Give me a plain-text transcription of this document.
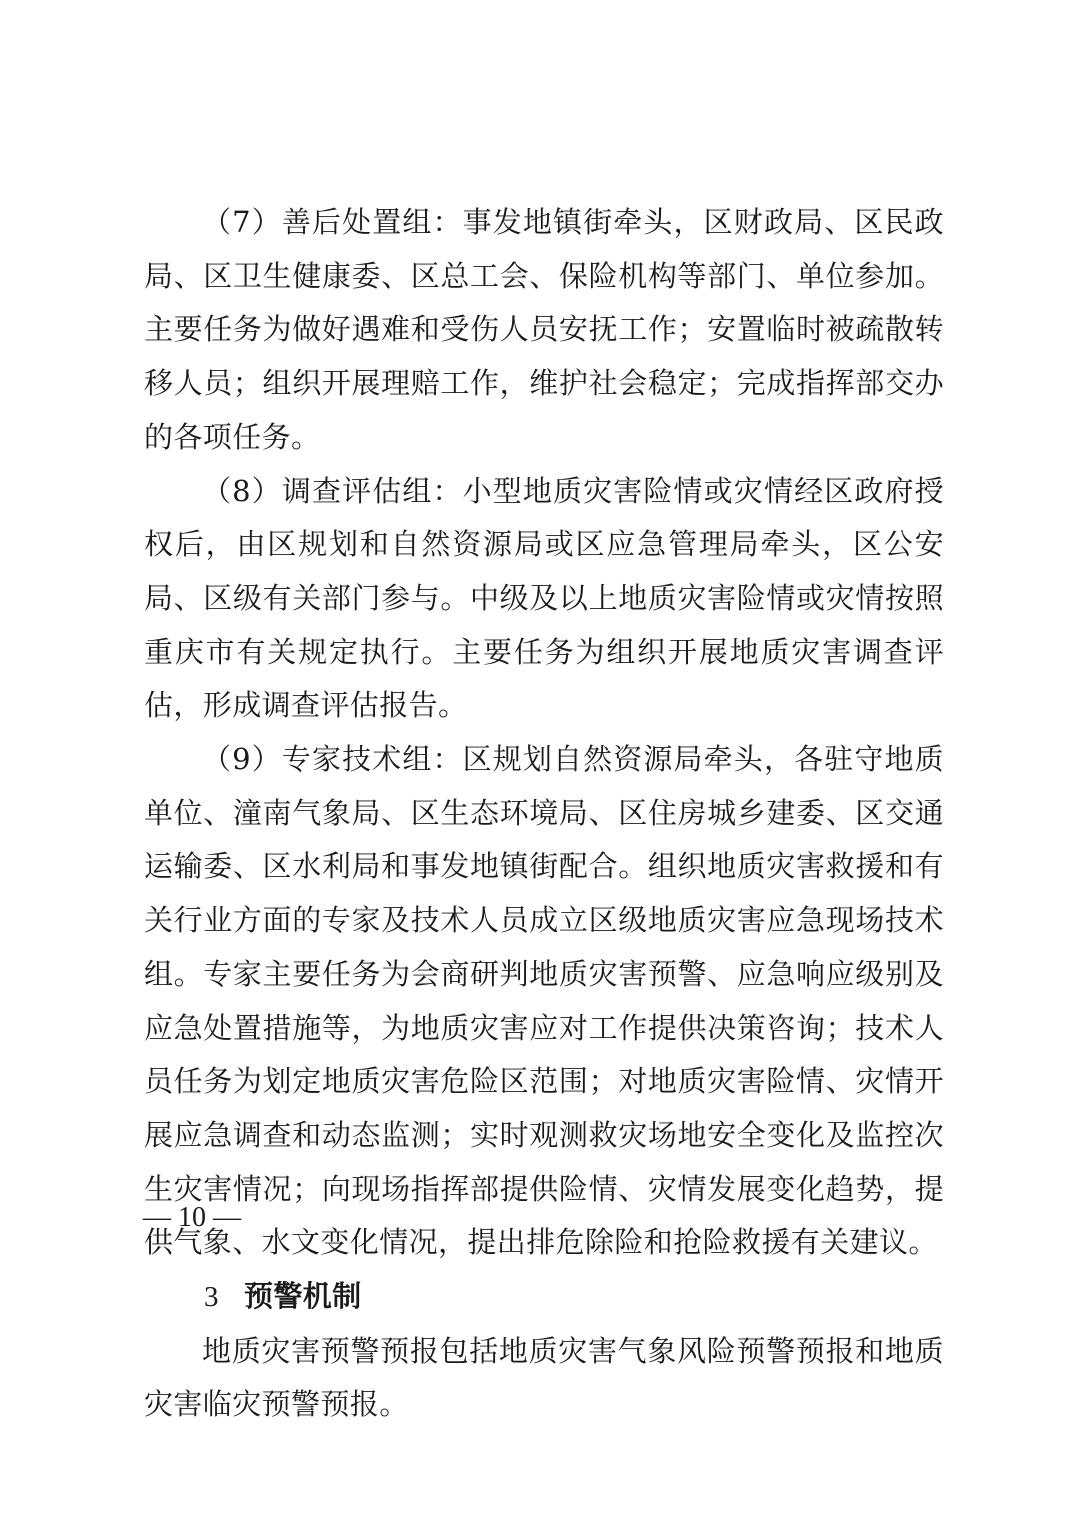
（7）善后处置组：事发地镇街牵头，区财政局、区民政局、区卫生健康委、区总工会、保险机构等部门、单位参加。主要任务为做好遇难和受伤人员安抚工作；安置临时被疏散转移人员；组织开展理赔工作，维护社会稳定；完成指挥部交办的各项任务。

（8）调查评估组：小型地质灾害险情或灾情经区政府授权后，由区规划和自然资源局或区应急管理局牵头，区公安局、区级有关部门参与。中级及以上地质灾害险情或灾情按照重庆市有关规定执行。主要任务为组织开展地质灾害调查评估，形成调查评估报告。

（9）专家技术组：区规划自然资源局牵头，各驻守地质单位、潼南气象局、区生态环境局、区住房城乡建委、区交通运输委、区水利局和事发地镇街配合。组织地质灾害救援和有关行业方面的专家及技术人员成立区级地质灾害应急现场技术组。专家主要任务为会商研判地质灾害预警、应急响应级别及应急处置措施等，为地质灾害应对工作提供决策咨询；技术人员任务为划定地质灾害危险区范围；对地质灾害险情、灾情开展应急调查和动态监测；实时观测救灾场地安全变化及监控次生灾害情况；向现场指挥部提供险情、灾情发展变化趋势，提供气象、水文变化情况，提出排危除险和抢险救援有关建议。

3 预警机制

地质灾害预警预报包括地质灾害气象风险预警预报和地质灾害临灾预警预报。

— 10 —
